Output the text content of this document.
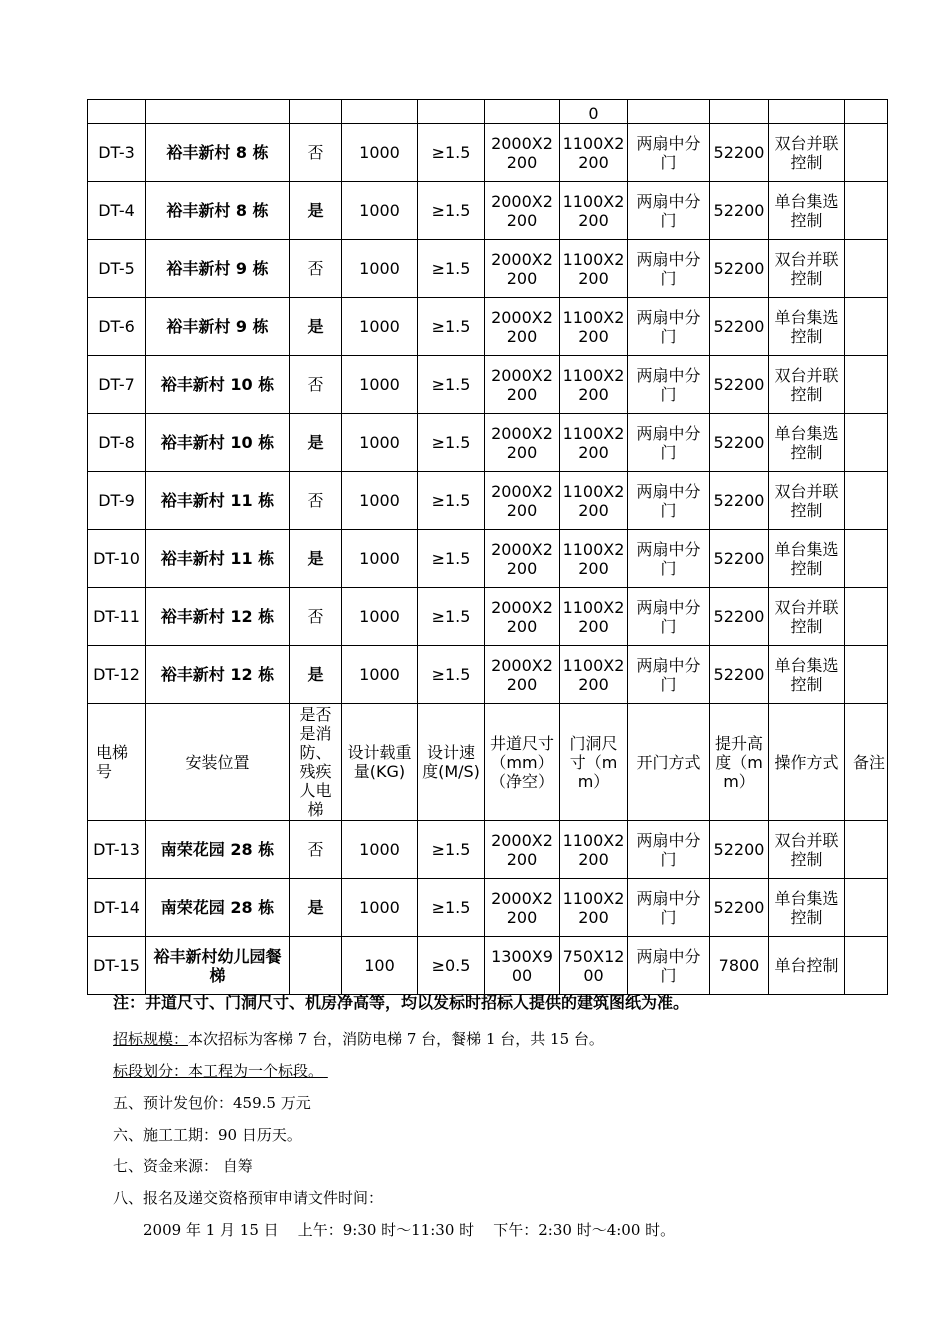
						0				
DT-3	裕丰新村 8 栋	否	1000	≥1.5	2000X2200	1100X2200	两扇中分门	52200	双台并联控制	
DT-4	裕丰新村 8 栋	是	1000	≥1.5	2000X2200	1100X2200	两扇中分门	52200	单台集选控制	
DT-5	裕丰新村 9 栋	否	1000	≥1.5	2000X2200	1100X2200	两扇中分门	52200	双台并联控制	
DT-6	裕丰新村 9 栋	是	1000	≥1.5	2000X2200	1100X2200	两扇中分门	52200	单台集选控制	
DT-7	裕丰新村 10 栋	否	1000	≥1.5	2000X2200	1100X2200	两扇中分门	52200	双台并联控制	
DT-8	裕丰新村 10 栋	是	1000	≥1.5	2000X2200	1100X2200	两扇中分门	52200	单台集选控制	
DT-9	裕丰新村 11 栋	否	1000	≥1.5	2000X2200	1100X2200	两扇中分门	52200	双台并联控制	
DT-10	裕丰新村 11 栋	是	1000	≥1.5	2000X2200	1100X2200	两扇中分门	52200	单台集选控制	
DT-11	裕丰新村 12 栋	否	1000	≥1.5	2000X2200	1100X2200	两扇中分门	52200	双台并联控制	
DT-12	裕丰新村 12 栋	是	1000	≥1.5	2000X2200	1100X2200	两扇中分门	52200	单台集选控制	
电梯号	安装位置	是否是消防、残疾人电梯	设计载重量(KG)	设计速度(M/S)	井道尺寸（mm）（净空）	门洞尺寸（mm）	开门方式	提升高度（mm）	操作方式	备注
DT-13	南荣花园 28 栋	否	1000	≥1.5	2000X2200	1100X2200	两扇中分门	52200	双台并联控制	
DT-14	南荣花园 28 栋	是	1000	≥1.5	2000X2200	1100X2200	两扇中分门	52200	单台集选控制	
DT-15	裕丰新村幼儿园餐梯		100	≥0.5	1300X900	750X1200	两扇中分门	7800	单台控制	
注：井道尺寸、门洞尺寸、机房净高等，均以发标时招标人提供的建筑图纸为准。
招标规模：本次招标为客梯 7 台，消防电梯 7 台，餐梯 1 台，共 15 台。
标段划分：本工程为一个标段。
五、预计发包价：459.5 万元
六、施工工期：90 日历天。
七、资金来源： 自筹
八、报名及递交资格预审申请文件时间：
2009 年 1 月 15 日    上午：9:30 时～11:30 时    下午：2:30 时～4:00 时。
